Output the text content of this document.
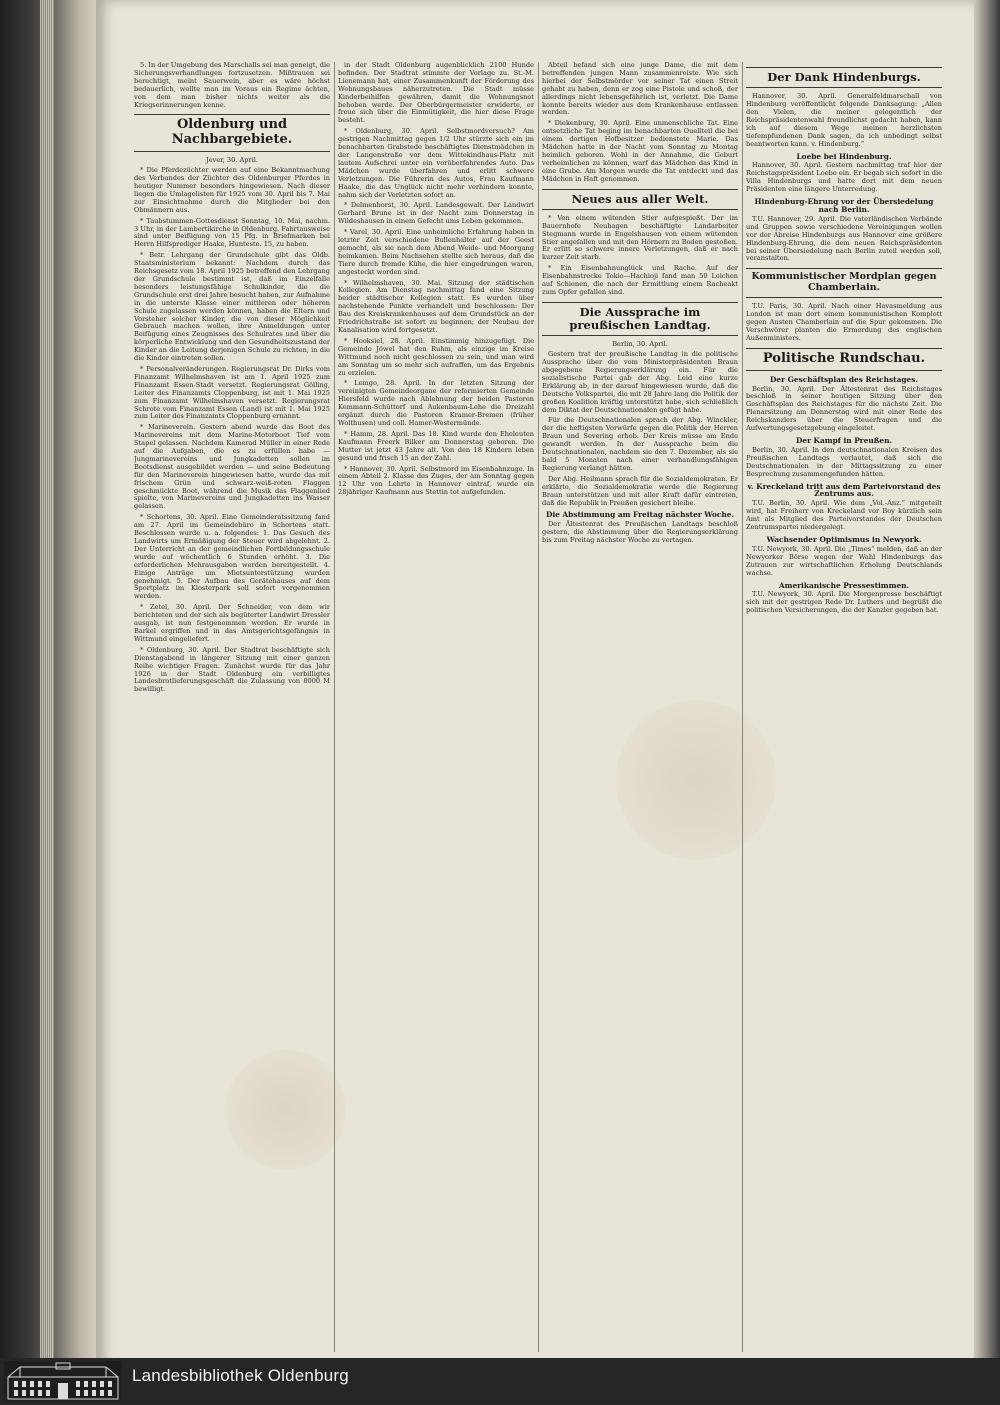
5. In der Umgebung des Marschalls sei man geneigt, die Sicherungsverhandlungen fortzusetzen. Mißtrauen sei berechtigt, meint Sauerwein, aber es wäre höchst bedauerlich, wollte man im Voraus ein Regime ächten, von dem man bisher nichts weiter als die Kriegserinnerungen kenne.

Oldenburg und Nachbargebiete.
Jever, 30. April.

* Die Pferdezüchter werden auf eine Bekanntmachung des Verbandes der Züchter des Oldenburger Pferdes in heutiger Nummer besonders hingewiesen. Nach dieser liegen die Umlagelisten für 1925 vom 30. April bis 7. Mai zur Einsichtnahme durch die Mitglieder bei den Obmännern aus.

* Taubstummen-Gottesdienst Sonntag, 10. Mai, nachm. 3 Uhr, in der Lambertikirche in Oldenburg. Fahrtausweise sind unter Beifügung von 15 Pfg. in Briefmarken bei Herrn Hilfsprediger Haake, Hunteste. 15, zu haben.

* Betr. Lehrgang der Grundschule gibt das Oldb. Staatsministerium bekannt: Nachdem durch das Reichsgesetz vom 18. April 1925 betreffend den Lehrgang der Grundschule bestimmt ist, daß im Einzelfalle besonders leistungsfähige Schulkinder, die die Grundschule erst drei Jahre besucht haben, zur Aufnahme in die unterste Klasse einer mittleren oder höheren Schule zugelassen werden können, haben die Eltern und Vorsteher solcher Kinder, die von dieser Möglichkeit Gebrauch machen wollen, ihre Anmeldungen unter Beifügung eines Zeugnisses des Schulrates und über die körperliche Entwicklung und den Gesundheitszustand der Kinder an die Leitung derjenigen Schule zu richten, in die die Kinder eintreten sollen.

* Personalveränderungen. Regierungsrat Dr. Dirks vom Finanzamt Wilhelmshaven ist am 1. April 1925 zum Finanzamt Essen-Stadt versetzt. Regierungsrat Gölling, Leiter des Finanzamts Cloppenburg, ist mit 1. Mai 1925 zum Finanzamt Wilhelmshaven versetzt. Regierungsrat Schrote vom Finanzamt Essen (Land) ist mit 1. Mai 1925 zum Leiter des Finanzamts Cloppenburg ernannt.

* Marineverein. Gestern abend wurde das Boot des Marinevereins mit dem Marine-Motorboot Tief vom Stapel gelassen. Nachdem Kamerad Müller in einer Rede auf die Aufgaben, die es zu erfüllen habe — Jungmarinevereins und Jungkadetten sollen im Bootsdienst ausgebildet werden — und seine Bedeutung für den Marineverein hingewiesen hatte, wurde das mit frischem Grün und schwarz-weiß-roten Flaggen geschmückte Boot, während die Musik das Flaggenlied spielte, von Marinevereins und Jungkadetten ins Wasser gelassen.

* Schortens, 30. April. Eine Gemeinderatssitzung fand am 27. April im Gemeindebüro in Schortens statt. Beschlossen wurde u. a. folgendes: 1. Das Gesuch des Landwirts um Ermäßigung der Steuer wird abgelehnt. 2. Der Unterricht an der gemeindlichen Fortbildungsschule wurde auf wöchentlich 6 Stunden erhöht. 3. Die erforderlichen Mehrausgaben werden bereitgestellt. 4. Einige Anträge um Mietsunterstützung wurden genehmigt. 5. Der Aufbau des Gerätehauses auf dem Sportplatz im Klosterpark soll sofort vorgenommen werden.

* Zetel, 30. April. Der Schneider, von dem wir berichteten und der sich als begüterter Landwirt Dressler ausgab, ist nun festgenommen worden. Er wurde in Barkel ergriffen und in das Amtsgerichtsgefängnis in Wittmund eingeliefert.

* Oldenburg, 30. April. Der Stadtrat beschäftigte sich Dienstagabend in längerer Sitzung mit einer ganzen Reihe wichtiger Fragen. Zunächst wurde für das Jahr 1926 in der Stadt Oldenburg ein verbilligtes Landesbrotlieferungsgeschäft die Zulassung von 8000 M bewilligt.

in der Stadt Oldenburg augenblicklich 2100 Hunde befinden. Der Stadtrat stimmte der Vorlage zu. St.-M. Lienemann hat, einer Zusammenkunft der Förderung des Wohnungsbaues näherzutreten. Die Stadt müsse Kinderbeihilfen gewähren, damit die Wohnungsnot behoben werde. Der Oberbürgermeister erwiderte, er freue sich über die Einmütigkeit, die hier diese Frage besteht.

* Oldenburg, 30. April. Selbstmordversuch? Am gestrigen Nachmittag gegen 1/2 Uhr stürzte sich ein im benachbarten Grabstede beschäftigtes Dienstmädchen in der Langenstraße vor dem Wittekindhaus-Platz mit lautem Aufschrei unter ein vorüberfahrendes Auto. Das Mädchen wurde überfahren und erlitt schwere Verletzungen. Die Führerin des Autos, Frau Kaufmann Haake, die das Unglück nicht mehr verhindern konnte, nahm sich der Verletzten sofort an.

* Delmenhorst, 30. April. Landesgewalt. Der Landwirt Gerhard Brune ist in der Nacht zum Donnerstag in Wildeshausen in einem Gefecht ums Leben gekommen.

* Varel, 30. April. Eine unheimliche Erfahrung haben in letzter Zeit verschiedene Bullenhalter auf der Geest gemacht, als sie nach dem Abend Weide- und Moorgang heimkamen. Beim Nachsehen stellte sich heraus, daß die Tiere durch fremde Kühe, die hier eingedrungen waren, angesteckt worden sind.

* Wilhelmshaven, 30. Mai. Sitzung der städtischen Kollegien. Am Dienstag nachmittag fand eine Sitzung beider städtischer Kollegien statt. Es wurden über nachstehende Punkte verhandelt und beschlossen: Der Bau des Kreiskrankenhauses auf dem Grundstück an der Friedrichstraße ist sofort zu beginnen; der Neubau der Kanalisation wird fortgesetzt.

* Hooksiel, 28. April. Einstimmig hinzugefügt. Die Gemeinde Jöwel hat den Ruhm, als einzige im Kreise Wittmund noch nicht geschlossen zu sein, und man wird am Sonntag um so mehr sich aufraffen, um das Ergebnis zu erzielen.

* Lemgo, 28. April. In der letzten Sitzung der vereinigten Gemeindeorgane der reformierten Gemeinde Hiersfeld wurde nach Ablehnung der beiden Pastoren Kemmann-Schüttorf und Aukenbaum-Lehe die Dreizahl ergänzt durch die Pastoren Kramer-Bremen (früher Wolthusen) und coll. Hamer-Westermünde.

* Hamm, 28. April. Das 18. Kind wurde den Eheleuten Kaufmann Freerk Bilker am Donnerstag geboren. Die Mutter ist jetzt 43 Jahre alt. Von den 18 Kindern leben gesund und frisch 15 an der Zahl.

* Hannover, 30. April. Selbstmord im Eisenbahnzuge. In einem Abteil 2. Klasse des Zuges, der am Sonntag gegen 12 Uhr von Lehrte in Hannover eintraf, wurde ein 28jähriger Kaufmann aus Stettin tot aufgefunden.

Abteil befand sich eine junge Dame, die mit dem betreffenden jungen Mann zusammenreiste. Wie sich hierbei der Selbstmörder vor seiner Tat einen Streit gehabt zu haben, denn er zog eine Pistole und schoß, der allerdings nicht lebensgefährlich ist, verletzt. Die Dame konnte bereits wieder aus dem Krankenhause entlassen werden.

* Diekenburg, 30. April. Eine unmenschliche Tat. Eine entsetzliche Tat beging im benachbarten Ouellteil die bei einem dortigen Hofbesitzer bedienstete Marie. Das Mädchen hatte in der Nacht vom Sonntag zu Montag heimlich geboren. Wohl in der Annahme, die Geburt verheimlichen zu können, warf das Mädchen das Kind in eine Grube. Am Morgen wurde die Tat entdeckt und das Mädchen in Haft genommen.

Neues aus aller Welt.

* Von einem wütenden Stier aufgespießt. Der im Bauernhofe Neuhagen beschäftigte Landarbeiter Stegmann wurde in Engelshausen von einem wütenden Stier angefallen und mit den Hörnern zu Boden gestoßen. Er erlitt so schwere innere Verletzungen, daß er nach kurzer Zeit starb.

* Ein Eisenbahnunglück und Rache. Auf der Eisenbahnstrecke Tokio—Hachioji fand man 50 Leichen auf Schienen, die nach der Ermittlung einem Racheakt zum Opfer gefallen sind.

Die Aussprache im preußischen Landtag.
Berlin, 30. April.

Gestern trat der preußische Landtag in die politische Aussprache über die vom Ministerpräsidenten Braun abgegebene Regierungserklärung ein. Für die sozialistische Partei gab der Abg. Leid eine kurze Erklärung ab, in der darauf hingewiesen wurde, daß die Deutsche Volkspartei, die mit 28 Jahre lang die Politik der großen Koalition kräftig unterstützt habe, sich schließlich dem Diktat der Deutschnationalen gefügt habe.

Für die Deutschnationalen sprach der Abg. Winckler, der die heftigsten Vorwürfe gegen die Politik der Herren Braun und Severing erhob. Der Kreis müsse am Ende gewandt werden. In der Aussprache beim die Deutschnationalen, nachdem sie den 7. Dezember, als sie bald 5 Monaten nach einer verhandlungsfähigen Regierung verlangt hätten.

Der Abg. Heilmann sprach für die Sozialdemokraten. Er erklärte, die Sozialdemokratie werde die Regierung Braun unterstützen und mit aller Kraft dafür eintreten, daß die Republik in Preußen gesichert bleibe.

Die Abstimmung am Freitag nächster Woche.

Der Ältestenrat des Preußischen Landtags beschloß gestern, die Abstimmung über die Regierungserklärung bis zum Freitag nächster Woche zu vertagen.

Der Dank Hindenburgs.

Hannover, 30. April. Generalfeldmarschall von Hindenburg veröffentlicht folgende Danksagung: „Allen den Vielen, die meiner gelegentlich der Reichspräsidentenwahl freundlichst gedacht haben, kann ich auf diesem Wege meinen herzlichsten tiefempfundenen Dank sagen, da ich unbedingt selbst beantworten kann. v. Hindenburg.“

Loebe bei Hindenburg.

Hannover, 30. April. Gestern nachmittag traf hier der Reichstagspräsident Loebe ein. Er begab sich sofort in die Villa Hindenburgs und hatte dort mit dem neuen Präsidenten eine längere Unterredung.

Hindenburg-Ehrung vor der Übersiedelung nach Berlin.

T.U. Hannover, 29. April. Die vaterländischen Verbände und Gruppen sowie verschiedene Vereinigungen wollen vor der Abreise Hindenburgs aus Hannover eine größere Hindenburg-Ehrung, die dem neuen Reichspräsidenten bei seiner Übersiedelung nach Berlin zuteil werden soll, veranstalten.

Kommunistischer Mordplan gegen Chamberlain.

T.U. Paris, 30. April. Nach einer Havasmeldung aus London ist man dort einem kommunistischen Komplott gegen Austen Chamberlain auf die Spur gekommen. Die Verschwörer planten die Ermordung des englischen Außenministers.

Politische Rundschau.
Der Geschäftsplan des Reichstages.

Berlin, 30. April. Der Ältestenrat des Reichstages beschloß in seiner heutigen Sitzung über den Geschäftsplan des Reichstages für die nächste Zeit. Die Plenarsitzung am Donnerstag wird mit einer Rede des Reichskanzlers über die Steuerfragen und die Aufwertungsgesetzgebung eingeleitet.

Der Kampf in Preußen.

Berlin, 30. April. In den deutschnationalen Kreisen des Preußischen Landtags verlautet, daß sich die Deutschnationalen in der Mittagssitzung zu einer Besprechung zusammengefunden hätten.

v. Kreckeland tritt aus dem Parteivorstand des Zentrums aus.

T.U. Berlin, 30. April. Wie dem „Vol.-Anz.“ mitgeteilt wird, hat Freiherr von Kreckeland vor Boy kürzlich sein Amt als Mitglied des Parteivorstandes der Deutschen Zentrumspartei niedergelegt.

Wachsender Optimismus in Newyork.

T.U. Newyork, 30. April. Die „Times“ melden, daß an der Newyorker Börse wegen der Wahl Hindenburgs das Zutrauen zur wirtschaftlichen Erholung Deutschlands wachse.

Amerikanische Pressestimmen.

T.U. Newyork, 30. April. Die Morgenpresse beschäftigt sich mit der gestrigen Rede Dr. Luthers und begrüßt die politischen Versicherungen, die der Kanzler gegeben hat.

Landesbibliothek Oldenburg
